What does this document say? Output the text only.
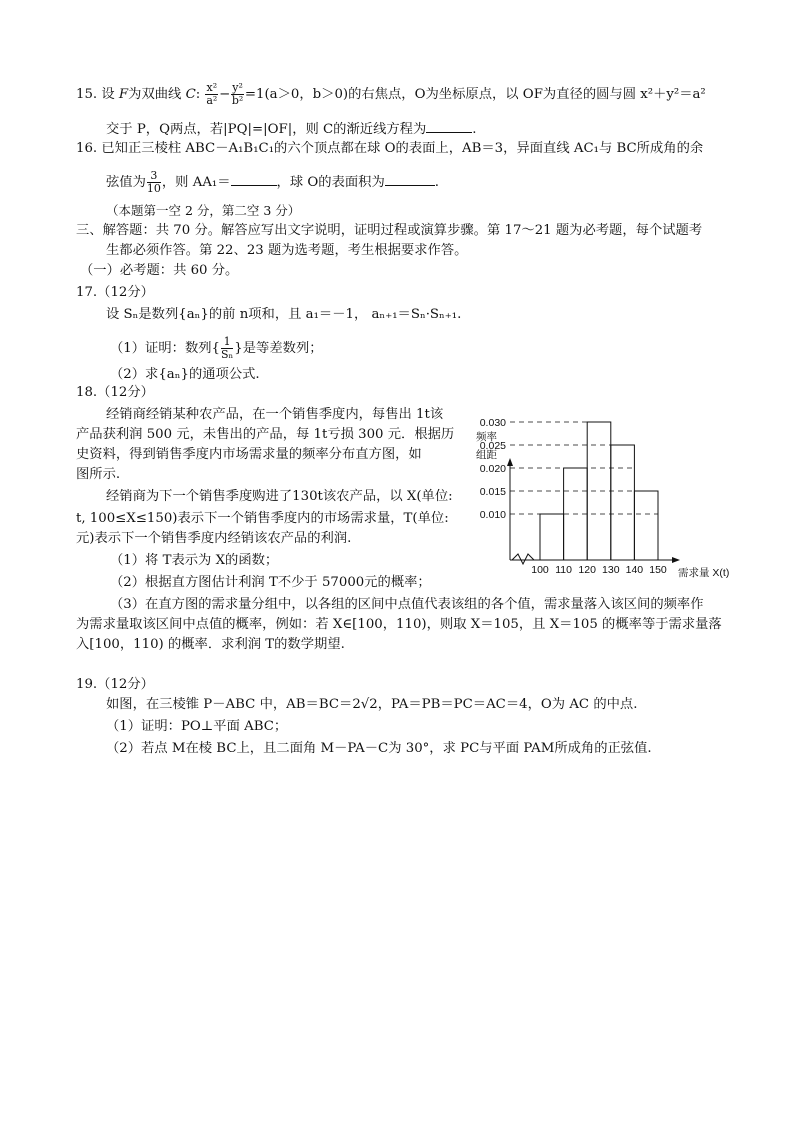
15. 设 F为双曲线 C: $\frac{\text{x²}}{\text{a²}} - \frac{\text{y²}}{\text{b²}} =1(a>0$，b＞0)的右焦点，O为坐标原点，以 OF为直径的圆与圆 x²＋y²＝a²
交于 P，Q两点，若|PQ|=|OF|，则 C的渐近线方程为	.
16. 已知正三棱柱 ABC－A₁B₁C₁的六个顶点都在球 O的表面上，AB＝3，异面直线 AC₁与 BC所成角的余
弦值为 $\frac{3}{10}$ ，则 AA₁＝	，球 O的表面积为	.
（本题第一空 2 分，第二空 3 分）
三、解答题：共 70 分。解答应写出文字说明，证明过程或演算步骤。第 17～21 题为必考题，每个试题考
生都必须作答。第 22、23 题为选考题，考生根据要求作答。
（一）必考题：共 60 分。
17.（12分）
设 Sₙ是数列{aₙ}的前 n项和，且 a₁＝－1， aₙ₊₁＝Sₙ·Sₙ₊₁.
（1）证明：数列{ $\frac{1}{\text{Sₙ}}$ }是等差数列；
（2）求{aₙ}的通项公式.
18.（12分）
经销商经销某种农产品，在一个销售季度内，每售出 1t该
产品获利润 500 元，未售出的产品，每 1t亏损 300 元．根据历
史资料，得到销售季度内市场需求量的频率分布直方图，如
图所示.
经销商为下一个销售季度购进了130t该农产品，以 X(单位:
t, 100≤X≤150)表示下一个销售季度内的市场需求量，T(单位:
元)表示下一个销售季度内经销该农产品的利润.
（1）将 T表示为 X的函数；
（2）根据直方图估计利润 T不少于 57000元的概率；
（3）在直方图的需求量分组中，以各组的区间中点值代表该组的各个值，需求量落入该区间的频率作
为需求量取该区间中点值的概率，例如：若 X∈[100，110)，则取 X＝105，且 X＝105 的概率等于需求量落
入[100，110) 的概率．求利润 T的数学期望.
频率
组距
0.010
0.015
0.020
0.025
0.030
100 110 120 130 140 150 需求量 X(t)
19.（12分）
如图，在三棱锥 P－ABC 中，AB＝BC＝2√2，PA＝PB＝PC＝AC＝4，O为 AC 的中点.
（1）证明：PO⊥平面 ABC；
（2）若点 M在棱 BC上，且二面角 M－PA－C为 30°，求 PC与平面 PAM所成角的正弦值.
